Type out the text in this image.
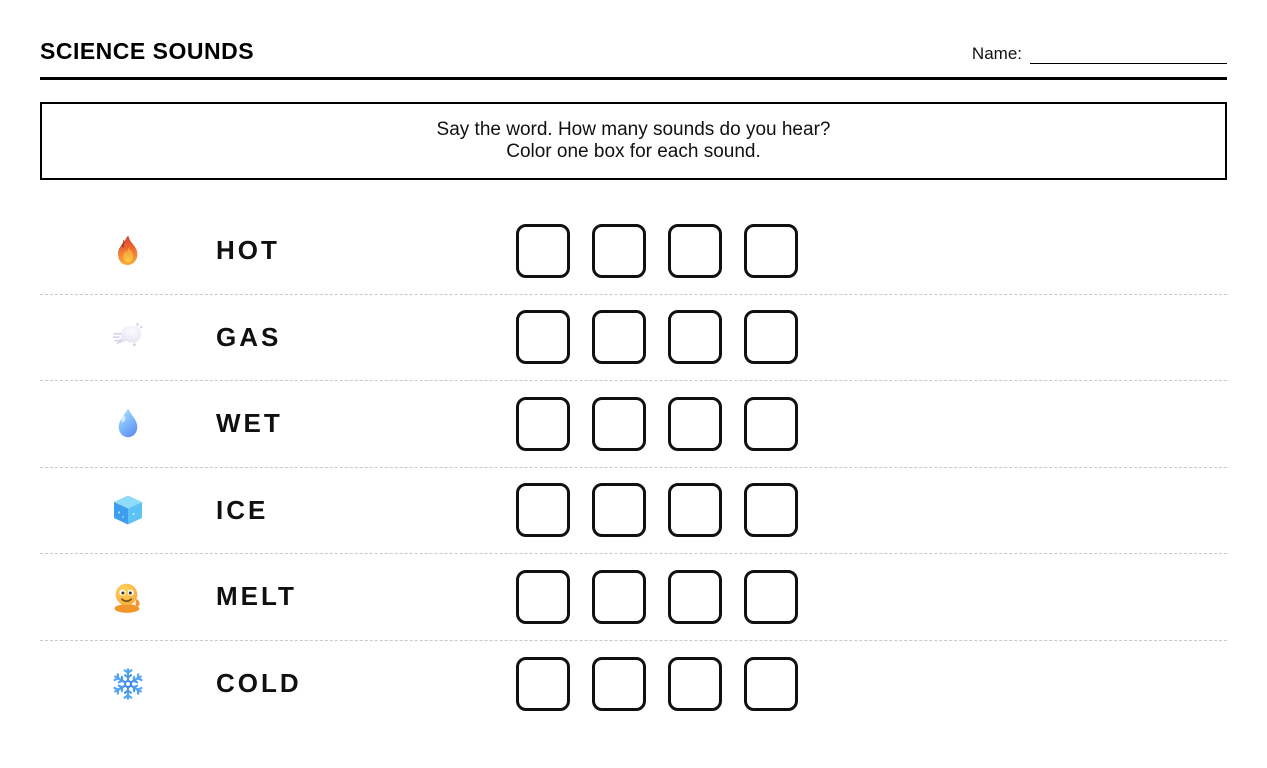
SCIENCE SOUNDS	Name:
Say the word. How many sounds do you hear?
Color one box for each sound.
HOT
GAS
WET
ICE
MELT
COLD
